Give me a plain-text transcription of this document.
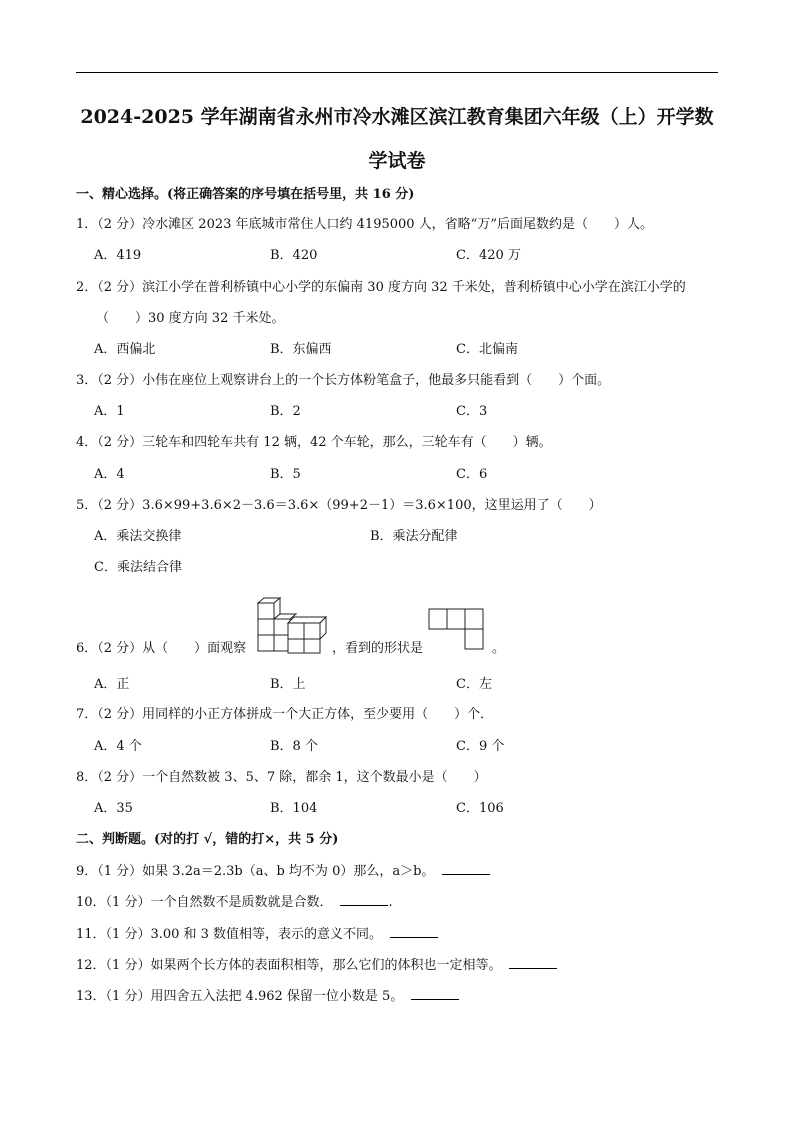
2024-2025 学年湖南省永州市冷水滩区滨江教育集团六年级（上）开学数
学试卷
一、精心选择。(将正确答案的序号填在括号里，共 16 分)
1．（2 分）冷水滩区 2023 年底城市常住人口约 4195000 人，省略“万”后面尾数约是（　　）人。
A．419	B．420	C．420 万
2．（2 分）滨江小学在普利桥镇中心小学的东偏南 30 度方向 32 千米处，普利桥镇中心小学在滨江小学的
（　　）30 度方向 32 千米处。
A．西偏北	B．东偏西	C．北偏南
3．（2 分）小伟在座位上观察讲台上的一个长方体粉笔盒子，他最多只能看到（　　）个面。
A．1	B．2	C．3
4．（2 分）三轮车和四轮车共有 12 辆，42 个车轮，那么，三轮车有（　　）辆。
A．4	B．5	C．6
5．（2 分）3.6×99+3.6×2－3.6＝3.6×（99+2－1）＝3.6×100，这里运用了（　　）
A．乘法交换律	B．乘法分配律
C．乘法结合律
6．（2 分）从（　　）面观察	，看到的形状是	。
A．正	B．上	C．左
7．（2 分）用同样的小正方体拼成一个大正方体，至少要用（　　）个．
A．4 个	B．8 个	C．9 个
8．（2 分）一个自然数被 3、5、7 除，都余 1，这个数最小是（　　）
A．35	B．104	C．106
二、判断题。(对的打 √，错的打×，共 5 分)
9．（1 分）如果 3.2a＝2.3b（a、b 均不为 0）那么，a＞b。
10．（1 分）一个自然数不是质数就是合数．	.
11．（1 分）3.00 和 3 数值相等，表示的意义不同。
12．（1 分）如果两个长方体的表面积相等，那么它们的体积也一定相等。
13．（1 分）用四舍五入法把 4.962 保留一位小数是 5。
